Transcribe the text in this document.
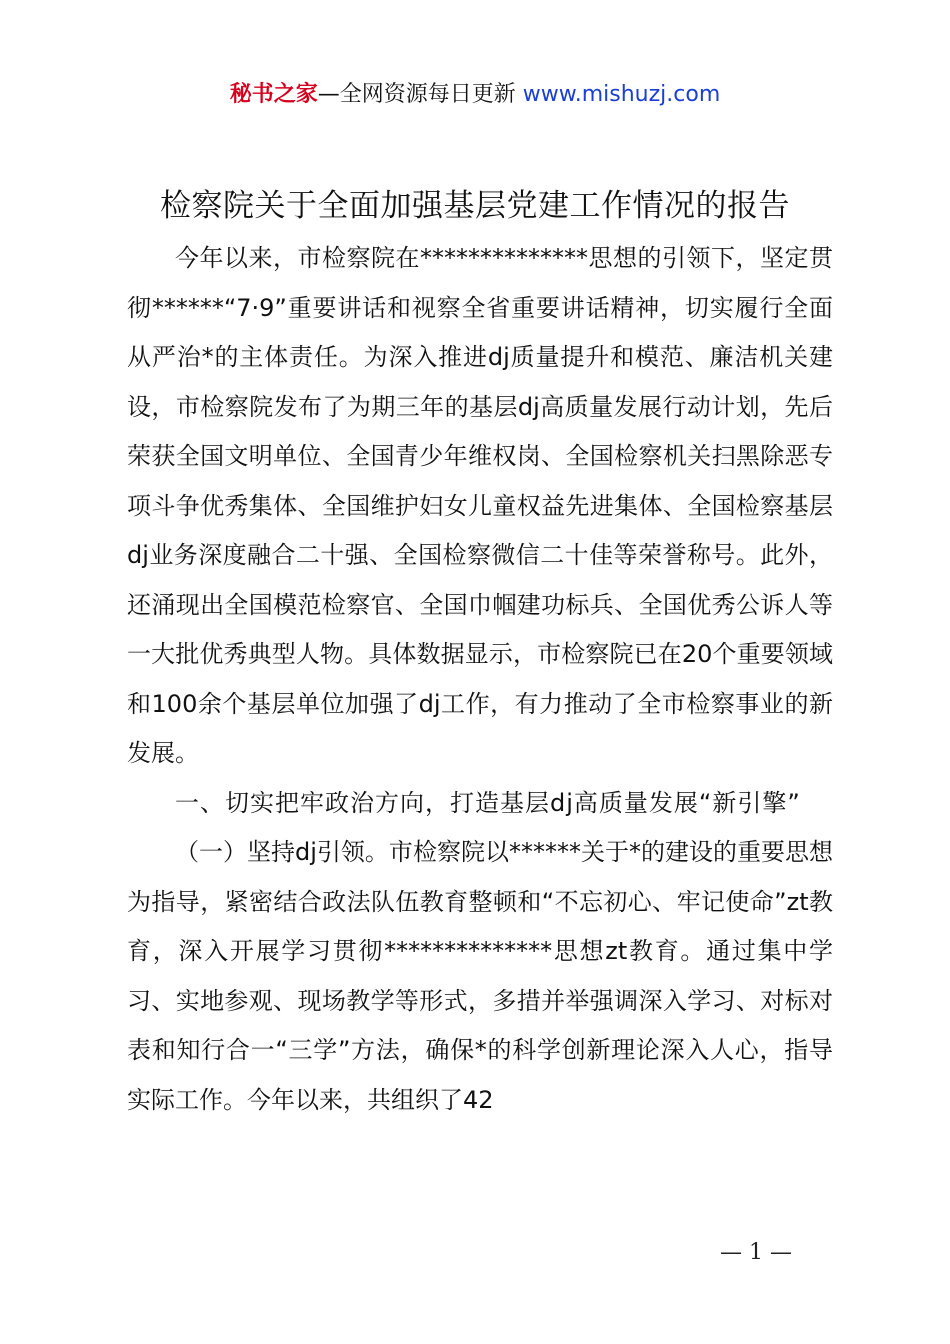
秘书之家—全网资源每日更新 www.mishuzj.com
检察院关于全面加强基层党建工作情况的报告

今年以来，市检察院在**************思想的引领下，坚定贯彻******“7·9”重要讲话和视察全省重要讲话精神，切实履行全面从严治*的主体责任。为深入推进dj质量提升和模范、廉洁机关建设，市检察院发布了为期三年的基层dj高质量发展行动计划，先后荣获全国文明单位、全国青少年维权岗、全国检察机关扫黑除恶专项斗争优秀集体、全国维护妇女儿童权益先进集体、全国检察基层dj业务深度融合二十强、全国检察微信二十佳等荣誉称号。此外，还涌现出全国模范检察官、全国巾帼建功标兵、全国优秀公诉人等一大批优秀典型人物。具体数据显示，市检察院已在20个重要领域和100余个基层单位加强了dj工作，有力推动了全市检察事业的新发展。

一、切实把牢政治方向，打造基层dj高质量发展“新引擎”

（一）坚持dj引领。市检察院以******关于*的建设的重要思想为指导，紧密结合政法队伍教育整顿和“不忘初心、牢记使命”zt教育，深入开展学习贯彻**************思想zt教育。通过集中学习、实地参观、现场教学等形式，多措并举强调深入学习、对标对表和知行合一“三学”方法，确保*的科学创新理论深入人心，指导实际工作。今年以来，共组织了42

— 1 —
